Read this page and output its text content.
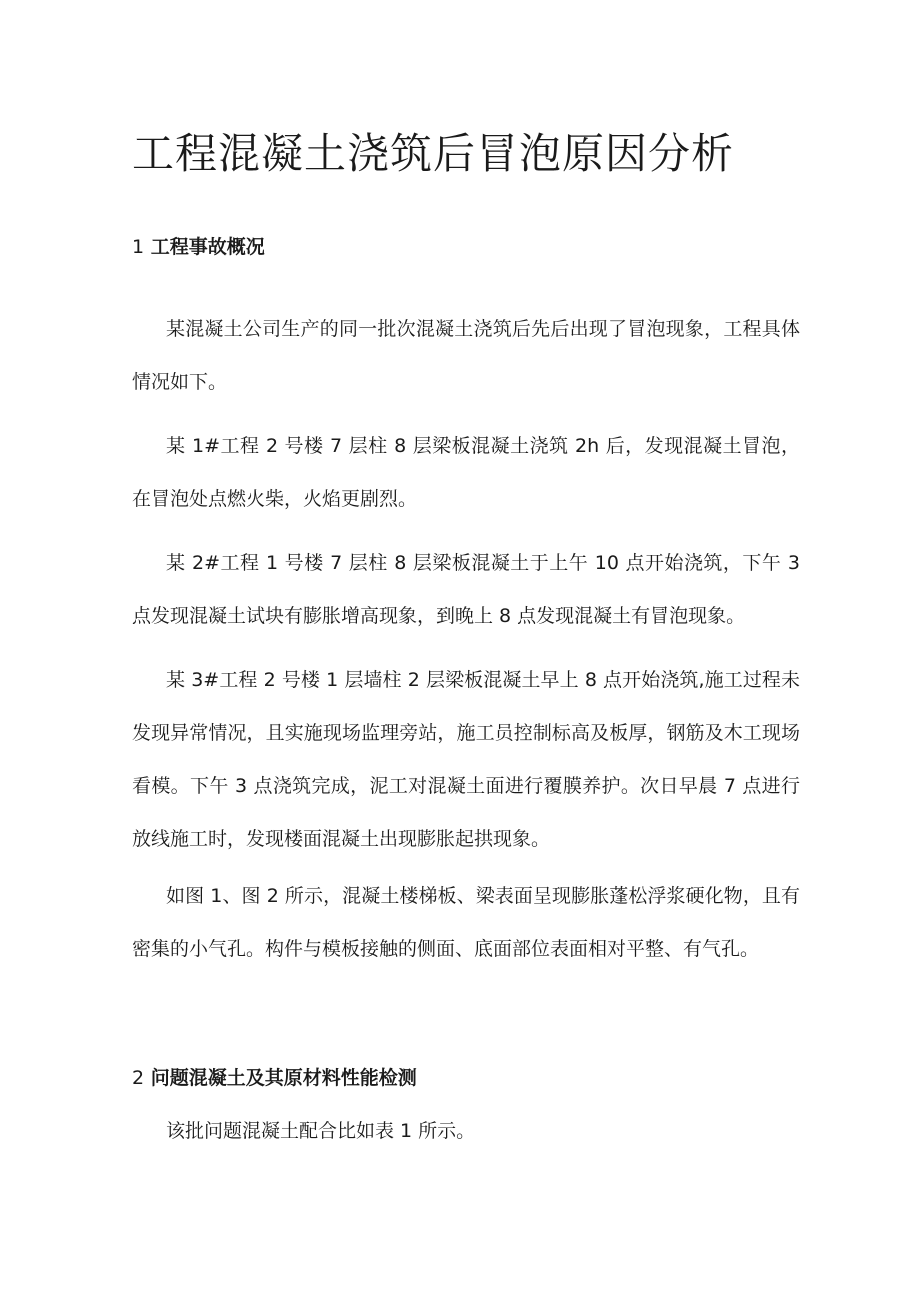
工程混凝土浇筑后冒泡原因分析
1 工程事故概况

某混凝土公司生产的同一批次混凝土浇筑后先后出现了冒泡现象，工程具体情况如下。

某 1#工程 2 号楼 7 层柱 8 层梁板混凝土浇筑 2h 后，发现混凝土冒泡，在冒泡处点燃火柴，火焰更剧烈。

某 2#工程 1 号楼 7 层柱 8 层梁板混凝土于上午 10 点开始浇筑，下午 3 点发现混凝土试块有膨胀增高现象，到晚上 8 点发现混凝土有冒泡现象。

某 3#工程 2 号楼 1 层墙柱 2 层梁板混凝土早上 8 点开始浇筑,施工过程未发现异常情况，且实施现场监理旁站，施工员控制标高及板厚，钢筋及木工现场看模。下午 3 点浇筑完成，泥工对混凝土面进行覆膜养护。次日早晨 7 点进行放线施工时，发现楼面混凝土出现膨胀起拱现象。

如图 1、图 2 所示，混凝土楼梯板、梁表面呈现膨胀蓬松浮浆硬化物，且有密集的小气孔。构件与模板接触的侧面、底面部位表面相对平整、有气孔。

2 问题混凝土及其原材料性能检测

该批问题混凝土配合比如表 1 所示。
